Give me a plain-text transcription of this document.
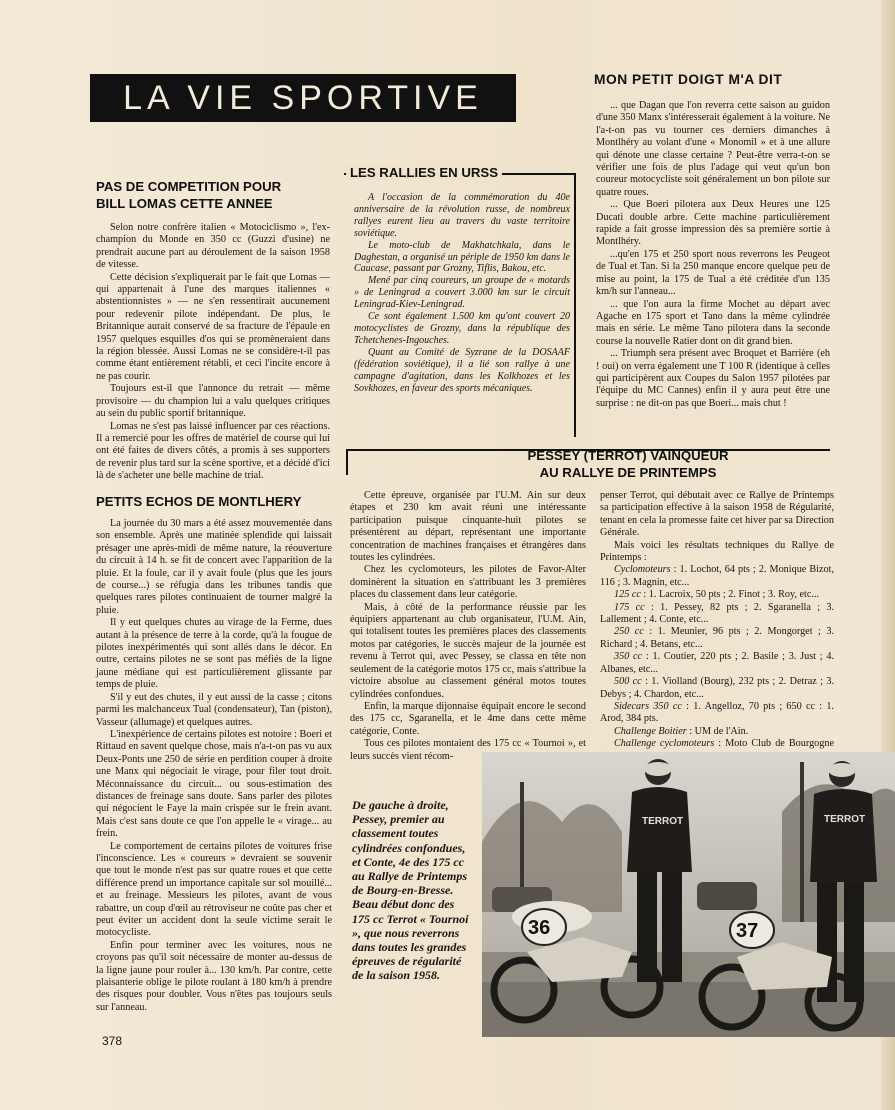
LA VIE SPORTIVE
PAS DE COMPETITION POUR
BILL LOMAS CETTE ANNEE
Selon notre confrère italien « Motociclismo », l'ex-champion du Monde en 350 cc (Guzzi d'usine) ne prendrait aucune part au déroulement de la saison 1958 de vitesse.
Cette décision s'expliquerait par le fait que Lomas — qui appartenait à l'une des marques italiennes « abstentionnistes » — ne s'en ressentirait aucunement pour redevenir pilote indépendant. De plus, le Britannique aurait conservé de sa fracture de l'épaule en 1957 quelques esquilles d'os qui se promèneraient dans la région blessée. Aussi Lomas ne se considère-t-il pas comme étant entièrement rétabli, et ceci l'incite encore à ne pas courir.
Toujours est-il que l'annonce du retrait — même provisoire — du champion lui a valu quelques critiques au sein du public sportif britannique.
Lomas ne s'est pas laissé influencer par ces réactions. Il a remercié pour les offres de matériel de course qui lui ont été faites de divers côtés, a promis à ses supporters de revenir plus tard sur la scène sportive, et a décidé d'ici là de s'acheter une belle machine de trial.
PETITS ECHOS DE MONTLHERY
La journée du 30 mars a été assez mouvementée dans son ensemble. Après une matinée splendide qui laissait présager une après-midi de même nature, la réouverture du circuit à 14 h. se fit de concert avec l'apparition de la pluie. Et la foule, car il y avait foule (plus que les jours de course...) se réfugia dans les tribunes tandis que quelques rares pilotes continuaient de tourner malgré la pluie.
Il y eut quelques chutes au virage de la Ferme, dues autant à la présence de terre à la corde, qu'à la fougue de pilotes inexpérimentés qui sont allés dans le décor. En outre, certains pilotes ne se sont pas méfiés de la ligne jaune médiane qui est particulièrement glissante par temps de pluie.
S'il y eut des chutes, il y eut aussi de la casse ; citons parmi les malchanceux Tual (condensateur), Tan (piston), Vasseur (allumage) et quelques autres.
L'inexpérience de certains pilotes est notoire : Boeri et Rittaud en savent quelque chose, mais n'a-t-on pas vu aux Deux-Ponts une 250 de série en perdition couper à droite une Manx qui négociait le virage, pour filer tout droit. Méconnaissance du circuit... ou sous-estimation des distances de freinage sans doute. Sans parler des pilotes qui négocient le Faye la main crispée sur le frein avant. Mais c'est sans doute ce que l'on appelle le « virage... au frein.
Le comportement de certains pilotes de voitures frise l'inconscience. Les « coureurs » devraient se souvenir que tout le monde n'est pas sur quatre roues et que cette différence prend un importance capitale sur sol mouillé... et au freinage. Messieurs les pilotes, avant de vous rabattre, un coup d'œil au rétroviseur ne coûte pas cher et peut éviter un accident dont la seule victime serait le motocycliste.
Enfin pour terminer avec les voitures, nous ne croyons pas qu'il soit nécessaire de monter au-dessus de la ligne jaune pour rouler à... 130 km/h. Par contre, cette plaisanterie oblige le pilote roulant à 180 km/h à prendre des risques pour doubler. Vous n'êtes pas toujours seuls sur l'anneau.
LES RALLIES EN URSS
A l'occasion de la commémoration du 40e anniversaire de la révolution russe, de nombreux rallyes eurent lieu au travers du vaste territoire soviétique.
Le moto-club de Makhatchkala, dans le Daghestan, a organisé un périple de 1950 km dans le Caucase, passant par Grozny, Tiflis, Bakou, etc.
Mené par cinq coureurs, un groupe de « motards » de Leningrad a couvert 3.000 km sur le circuit Leningrad-Kiev-Leningrad.
Ce sont également 1.500 km qu'ont couvert 20 motocyclistes de Grozny, dans la république des Tchetchenes-Ingouches.
Quant au Comité de Syzrane de la DOSAAF (fédération soviétique), il a lié son rallye à une campagne d'agitation, dans les Kolkhozes et les Sovkhozes, en faveur des sports mécaniques.
MON PETIT DOIGT M'A DIT
... que Dagan que l'on reverra cette saison au guidon d'une 350 Manx s'intéresserait également à la voiture. Ne l'a-t-on pas vu tourner ces derniers dimanches à Montlhéry au volant d'une « Monomil » et à une allure qui dénote une classe certaine ? Peut-être verra-t-on se vérifier une fois de plus l'adage qui veut qu'un bon coureur motocycliste soit généralement un bon pilote sur quatre roues.
... Que Boeri pilotera aux Deux Heures une 125 Ducati double arbre. Cette machine particulièrement rapide a fait grosse impression dès sa première sortie à Montlhéry.
...qu'en 175 et 250 sport nous reverrons les Peugeot de Tual et Tan. Si la 250 manque encore quelque peu de mise au point, la 175 de Tual a été créditée d'un 135 km/h sur l'anneau...
... que l'on aura la firme Mochet au départ avec Agache en 175 sport et Tano dans la même cylindrée mais en série. Le même Tano pilotera dans la seconde course la nouvelle Ratier dont on dit grand bien.
... Triumph sera présent avec Broquet et Barrière (eh ! oui) on verra également une T 100 R (identique à celles qui participèrent aux Coupes du Salon 1957 pilotées par l'équipe du MC Cannes) enfin il y aura peut être une surprise : ne dit-on pas que Boeri... mais chut !
PESSEY (TERROT) VAINQUEUR
AU RALLYE DE PRINTEMPS
Cette épreuve, organisée par l'U.M. Ain sur deux étapes et 230 km avait réuni une intéressante participation puisque cinquante-huit pilotes se présentèrent au départ, représentant une importante concentration de machines françaises et étrangères dans toutes les cylindrées.
Chez les cyclomoteurs, les pilotes de Favor-Alter dominèrent la situation en s'attribuant les 3 premières places du classement dans leur catégorie.
Mais, à côté de la performance réussie par les équipiers appartenant au club organisateur, l'U.M. Ain, qui totalisent toutes les premières places des classements motos par catégories, le succès majeur de la journée est revenu à Terrot qui, avec Pessey, se classa en tête non seulement de la catégorie motos 175 cc, mais s'attribue la victoire absolue au classement général motos toutes cylindrées confondues.
Enfin, la marque dijonnaise équipait encore le second des 175 cc, Sgaranella, et le 4me dans cette même catégorie, Conte.
Tous ces pilotes montaient des 175 cc « Tournoi », et leurs succès vient récom-
penser Terrot, qui débutait avec ce Rallye de Printemps sa participation effective à la saison 1958 de Régularité, tenant en cela la promesse faite cet hiver par sa Direction Générale.
Mais voici les résultats techniques du Rallye de Printemps :
Cyclomoteurs : 1. Lochot, 64 pts ; 2. Monique Bizot, 116 ; 3. Magnin, etc...
125 cc : 1. Lacroix, 50 pts ; 2. Finot ; 3. Roy, etc...
175 cc : 1. Pessey, 82 pts ; 2. Sgaranella ; 3. Lallement ; 4. Conte, etc...
250 cc : 1. Meunier, 96 pts ; 2. Mongorget ; 3. Richard ; 4. Betans, etc...
350 cc : 1. Coutier, 220 pts ; 2. Basile ; 3. Just ; 4. Albanes, etc...
500 cc : 1. Violland (Bourg), 232 pts ; 2. Detraz ; 3. Debys ; 4. Chardon, etc...
Sidecars 350 cc : 1. Angelloz, 70 pts ; 650 cc : 1. Arod, 384 pts.
Challenge Boitier : UM de l'Ain.
Challenge cyclomoteurs : Moto Club de Bourgogne
De gauche à droite, Pessey, premier au classement toutes cylindrées confondues, et Conte, 4e des 175 cc au Rallye de Printemps de Bourg-en-Bresse. Beau début donc des 175 cc Terrot « Tournoi », que nous reverrons dans toutes les grandes épreuves de régularité de la saison 1958.
TERROT
36
TERROT
37
378
